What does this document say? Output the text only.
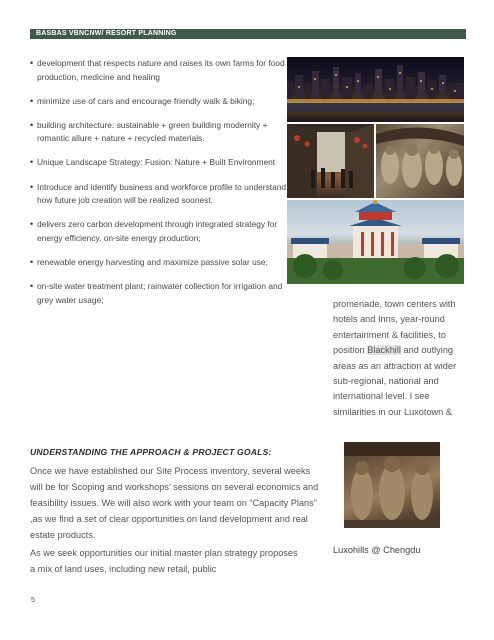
BASBAS VBNCNW/ RESORT PLANNING
• development that respects nature and raises its own farms for food production, medicine and healing
• minimize use of cars and encourage friendly walk & biking;
• building architecture: sustainable + green building modernity + romantic allure + nature + recycled materials.
• Unique Landscape Strategy: Fusion: Nature + Built Environment
• Introduce and identify business and workforce profile to understand how future job creation will be realized soonest.
• delivers zero carbon development through integrated strategy for energy efficiency, on-site energy production;
• renewable energy harvesting and maximize passive solar use;
• on-site water treatment plant; rainwater collection for irrigation and grey water usage;	promenade, town centers with hotels and Inns, year-round entertainment & facilities, to position Blackhill and outlying areas as an attraction at wider sub-regional, national and international level. I see similarities in our Luxotown &
UNDERSTANDING THE APPROACH & PROJECT GOALS:

Once we have established our Site Process inventory, several weeks will be for Scoping and workshops’ sessions on several economics and feasibility issues. We will also work with your team on “Capacity Plans” ,as we find a set of clear opportunities on land development and real estate products.

As we seek opportunities our initial master plan strategy proposes a mix of land uses, including new retail, public

Luxohills @ Chengdu
5
